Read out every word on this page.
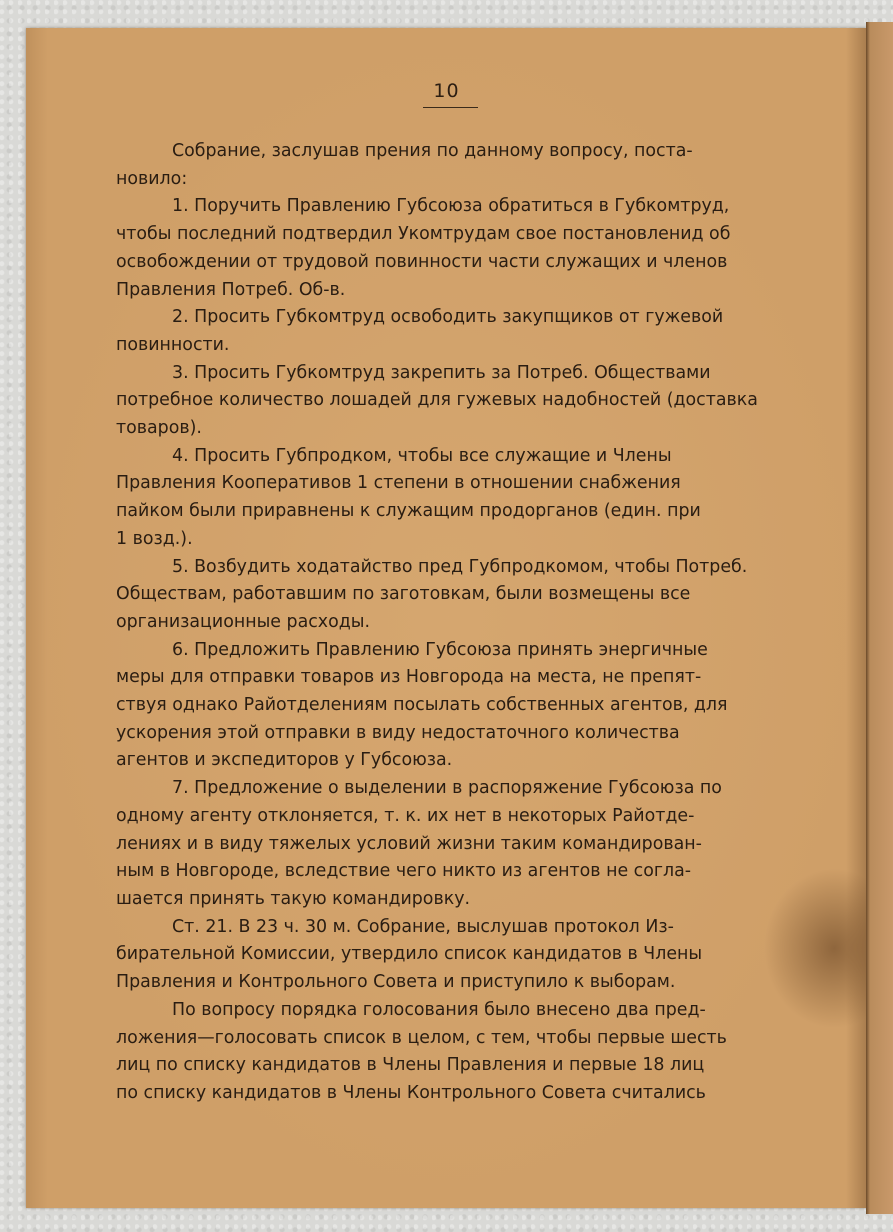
10
Собрание, заслушав прения по данному вопросу, поста-
новило:
1. Поручить Правлению Губсоюза обратиться в Губкомтруд,
чтобы последний подтвердил Укомтрудам свое постановленид об
освобождении от трудовой повинности части служащих и членов
Правления Потреб. Об-в.
2. Просить Губкомтруд освободить закупщиков от гужевой
повинности.
3. Просить Губкомтруд закрепить за Потреб. Обществами
потребное количество лошадей для гужевых надобностей (доставка
товаров).
4. Просить Губпродком, чтобы все служащие и Члены
Правления Кооперативов 1 степени в отношении снабжения
пайком были приравнены к служащим продорганов (един. при
1 возд.).
5. Возбудить ходатайство пред Губпродкомом, чтобы Потреб.
Обществам, работавшим по заготовкам, были возмещены все
организационные расходы.
6. Предложить Правлению Губсоюза принять энергичные
меры для отправки товаров из Новгорода на места, не препят-
ствуя однако Райотделениям посылать собственных агентов, для
ускорения этой отправки в виду недостаточного количества
агентов и экспедиторов у Губсоюза.
7. Предложение о выделении в распоряжение Губсоюза по
одному агенту отклоняется, т. к. их нет в некоторых Райотде-
лениях и в виду тяжелых условий жизни таким командирован-
ным в Новгороде, вследствие чего никто из агентов не согла-
шается принять такую командировку.
Ст. 21. В 23 ч. 30 м. Собрание, выслушав протокол Из-
бирательной Комиссии, утвердило список кандидатов в Члены
Правления и Контрольного Совета и приступило к выборам.
По вопросу порядка голосования было внесено два пред-
ложения—голосовать список в целом, с тем, чтобы первые шесть
лиц по списку кандидатов в Члены Правления и первые 18 лиц
по списку кандидатов в Члены Контрольного Совета считались
